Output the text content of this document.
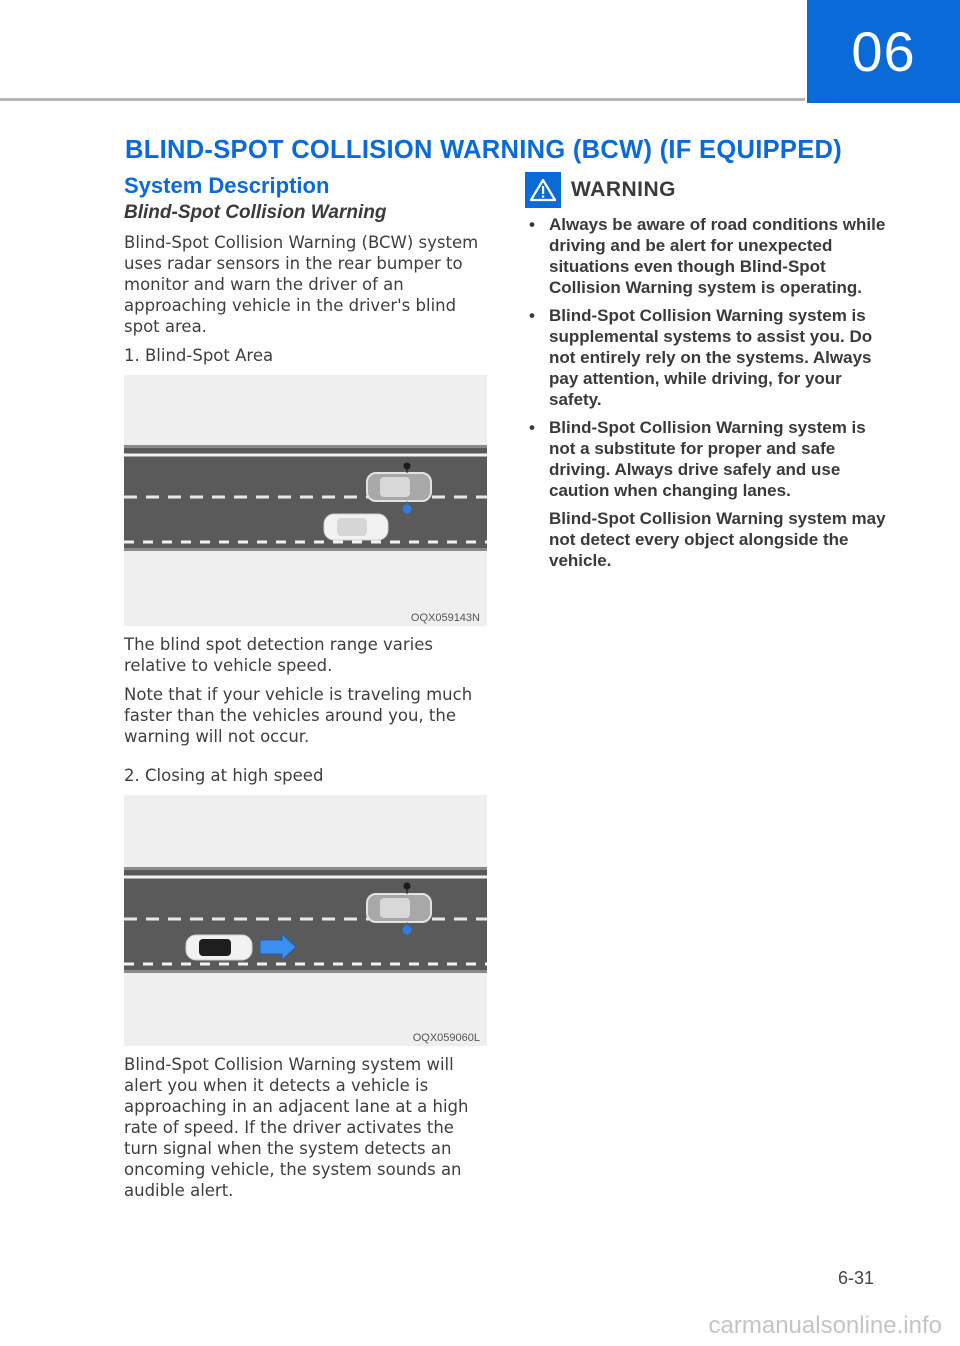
06
BLIND-SPOT COLLISION WARNING (BCW) (IF EQUIPPED)
System Description
Blind-Spot Collision Warning

Blind-Spot Collision Warning (BCW) system uses radar sensors in the rear bumper to monitor and warn the driver of an approaching vehicle in the driver's blind spot area.

1. Blind-Spot Area
OQX059143N

The blind spot detection range varies relative to vehicle speed.

Note that if your vehicle is traveling much faster than the vehicles around you, the warning will not occur.

2. Closing at high speed
OQX059060L

Blind-Spot Collision Warning system will alert you when it detects a vehicle is approaching in an adjacent lane at a high rate of speed. If the driver activates the turn signal when the system detects an oncoming vehicle, the system sounds an audible alert.

WARNING
• Always be aware of road conditions while driving and be alert for unexpected situations even though Blind-Spot Collision Warning system is operating.
• Blind-Spot Collision Warning system is supplemental systems to assist you. Do not entirely rely on the systems. Always pay attention, while driving, for your safety.
• Blind-Spot Collision Warning system is not a substitute for proper and safe driving. Always drive safely and use caution when changing lanes.

Blind-Spot Collision Warning system may not detect every object alongside the vehicle.

6-31
carmanualsonline.info
